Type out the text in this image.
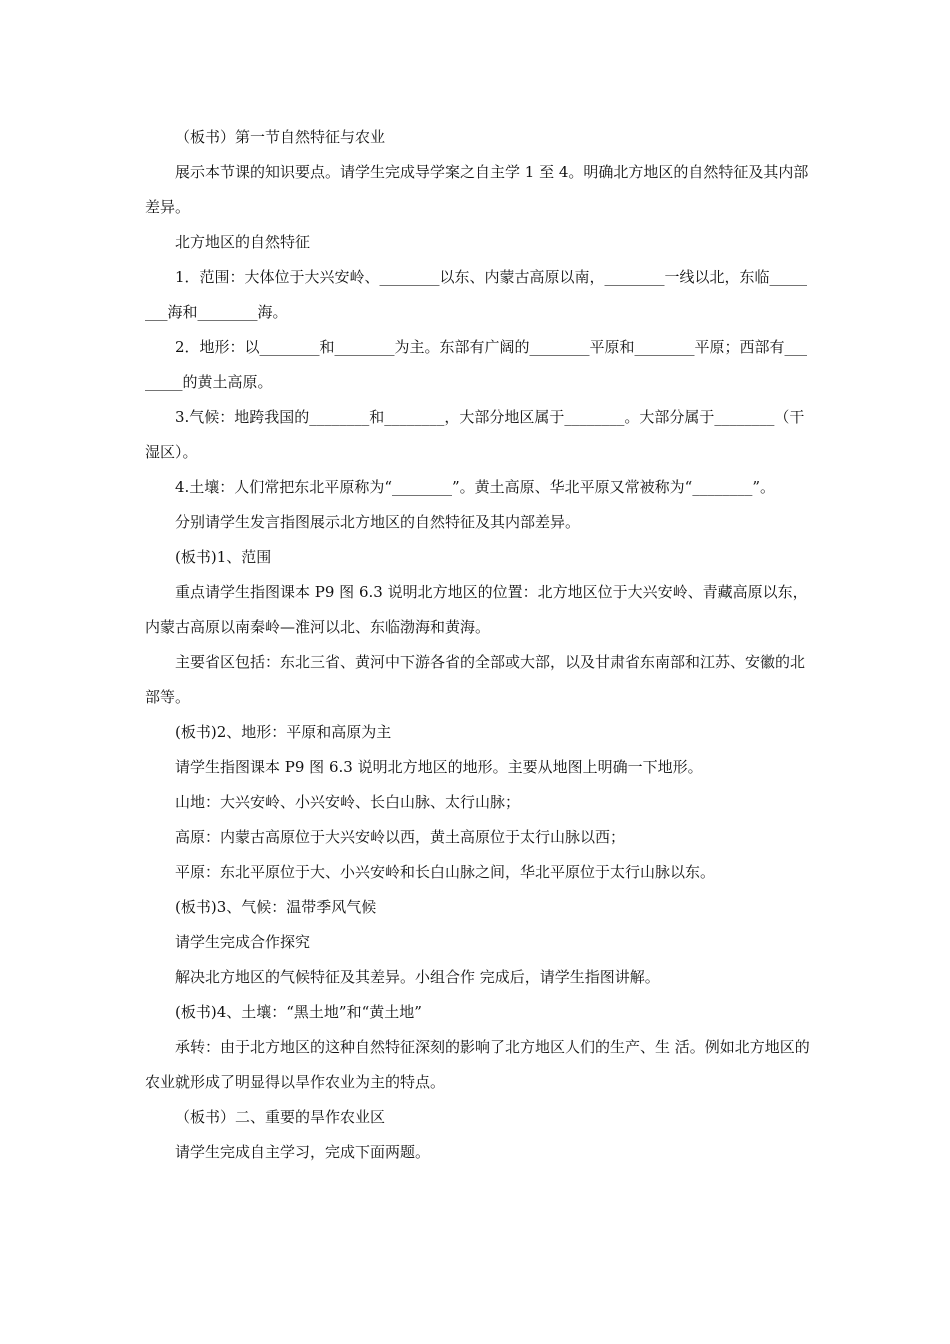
（板书）第一节自然特征与农业

展示本节课的知识要点。请学生完成导学案之自主学 1 至 4。明确北方地区的自然特征及其内部差异。

北方地区的自然特征

1．范围：大体位于大兴安岭、________以东、内蒙古高原以南，________一线以北，东临________海和________海。

2．地形：以________和________为主。东部有广阔的________平原和________平原；西部有________的黄土高原。

3.气候：地跨我国的________和________，大部分地区属于________。大部分属于________（干湿区）。

4.土壤：人们常把东北平原称为“________”。黄土高原、华北平原又常被称为“________”。

分别请学生发言指图展示北方地区的自然特征及其内部差异。

(板书)1、范围

重点请学生指图课本 P9 图 6.3 说明北方地区的位置：北方地区位于大兴安岭、青藏高原以东，内蒙古高原以南秦岭—淮河以北、东临渤海和黄海。

主要省区包括：东北三省、黄河中下游各省的全部或大部，以及甘肃省东南部和江苏、安徽的北部等。

(板书)2、地形：平原和高原为主

请学生指图课本 P9 图 6.3 说明北方地区的地形。主要从地图上明确一下地形。

山地：大兴安岭、小兴安岭、长白山脉、太行山脉；

高原：内蒙古高原位于大兴安岭以西，黄土高原位于太行山脉以西；

平原：东北平原位于大、小兴安岭和长白山脉之间，华北平原位于太行山脉以东。

(板书)3、气候：温带季风气候

请学生完成合作探究

解决北方地区的气候特征及其差异。小组合作 完成后，请学生指图讲解。

(板书)4、土壤：“黑土地”和“黄土地”

承转：由于北方地区的这种自然特征深刻的影响了北方地区人们的生产、生 活。例如北方地区的农业就形成了明显得以旱作农业为主的特点。

（板书）二、重要的旱作农业区

请学生完成自主学习，完成下面两题。
